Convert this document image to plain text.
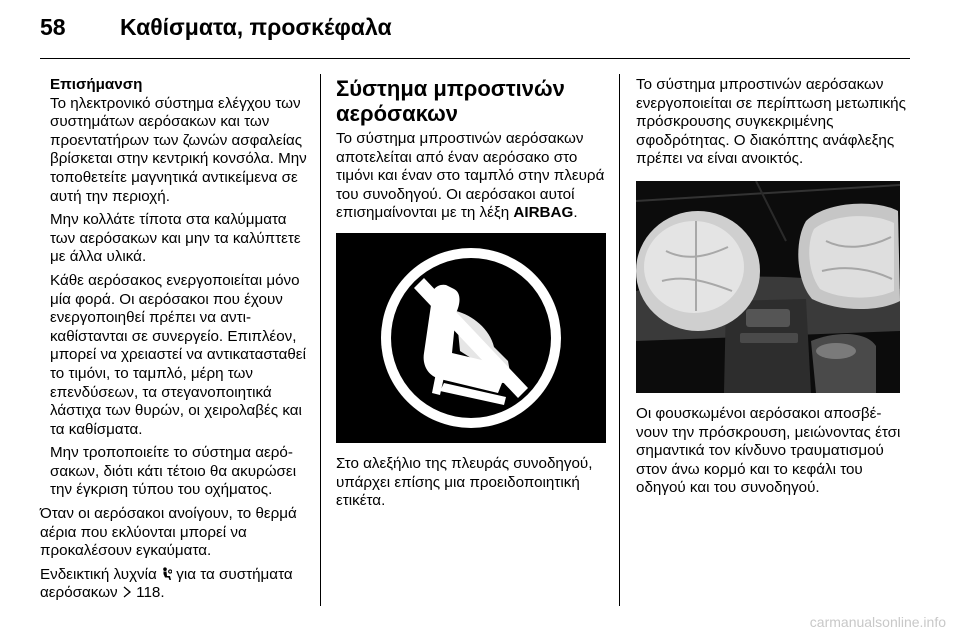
58 Καθίσματα, προσκέφαλα

Επισήμανση

Το ηλεκτρονικό σύστημα ελέγχου των συστημάτων αερόσακων και των προεντατήρων των ζωνών ασφαλείας βρίσκεται στην κεντρική κονσόλα. Μην τοποθετείτε μαγνητικά αντικείμενα σε αυτή την περιοχή.

Μην κολλάτε τίποτα στα καλύμματα των αερόσακων και μην τα καλύπτετε με άλλα υλικά.

Κάθε αερόσακος ενεργοποιείται μόνο μία φορά. Οι αερόσακοι που έχουν ενεργοποιηθεί πρέπει να αντικαθίστανται σε συνεργείο. Επιπλέον, μπορεί να χρειαστεί να αντικατασταθεί το τιμόνι, το ταμπλό, μέρη των επενδύσεων, τα στεγανοποιητικά λάστιχα των θυρών, οι χειρολαβές και τα καθίσματα.

Μην τροποποιείτε το σύστημα αερόσακων, διότι κάτι τέτοιο θα ακυρώσει την έγκριση τύπου του οχήματος.

Όταν οι αερόσακοι ανοίγουν, το θερμά αέρια που εκλύονται μπορεί να προκαλέσουν εγκαύματα.

Ενδεικτική λυχνία για τα συστήματα αερόσακων 118.

Σύστημα μπροστινών αερόσακων

Το σύστημα μπροστινών αερόσακων αποτελείται από έναν αερόσακο στο τιμόνι και έναν στο ταμπλό στην πλευρά του συνοδηγού. Οι αερόσακοι αυτοί επισημαίνονται με τη λέξη AIRBAG.

Στο αλεξήλιο της πλευράς συνοδηγού, υπάρχει επίσης μια προειδοποιητική ετικέτα.

Το σύστημα μπροστινών αερόσακων ενεργοποιείται σε περίπτωση μετωπικής πρόσκρουσης συγκεκριμένης σφοδρότητας. Ο διακόπτης ανάφλεξης πρέπει να είναι ανοικτός.

Οι φουσκωμένοι αερόσακοι αποσβένουν την πρόσκρουση, μειώνοντας έτσι σημαντικά τον κίνδυνο τραυματισμού στον άνω κορμό και το κεφάλι του οδηγού και του συνοδηγού.

carmanualsonline.info
